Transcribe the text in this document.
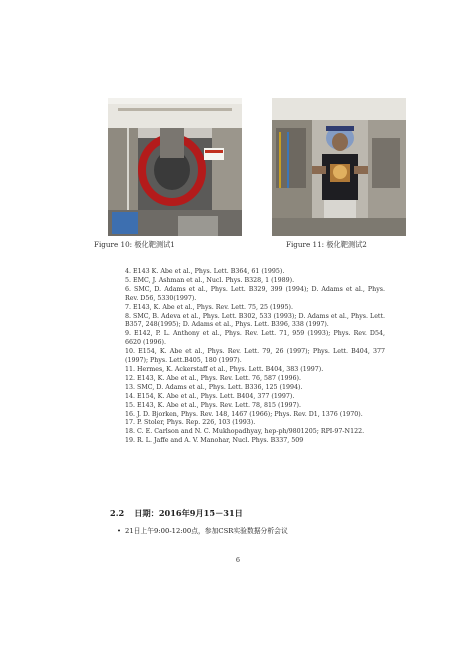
Figure 10: 极化靶测试1	Figure 11: 极化靶测试2

4. E143 K. Abe et al., Phys. Lett. B364, 61 (1995).

5. EMC, J. Ashman et al., Nucl. Phys. B328, 1 (1989).

6. SMC, D. Adams et al., Phys. Lett. B329, 399 (1994); D. Adams et al., Phys. Rev. D56, 5330(1997).

7. E143, K. Abe et al., Phys. Rev. Lett. 75, 25 (1995).

8. SMC, B. Adeva et al., Phys. Lett. B302, 533 (1993); D. Adams et al., Phys. Lett. B357, 248(1995); D. Adams et al., Phys. Lett. B396, 338 (1997).

9. E142, P. L. Anthony et al., Phys. Rev. Lett. 71, 959 (1993); Phys. Rev. D54, 6620 (1996).

10. E154, K. Abe et al., Phys. Rev. Lett. 79, 26 (1997); Phys. Lett. B404, 377 (1997); Phys. Lett.B405, 180 (1997).

11. Hermes, K. Ackerstaff et al., Phys. Lett. B404, 383 (1997).

12. E143, K. Abe et al., Phys. Rev. Lett. 76, 587 (1996).

13. SMC, D. Adams et al., Phys. Lett. B336, 125 (1994).

14. E154, K. Abe et al., Phys. Lett. B404, 377 (1997).

15. E143, K. Abe et al., Phys. Rev. Lett. 78, 815 (1997).

16. J. D. Bjorken, Phys. Rev. 148, 1467 (1966); Phys. Rev. D1, 1376 (1970).

17. P. Stoler, Phys. Rep. 226, 103 (1993).

18. C. E. Carlson and N. C. Mukhopadhyay, hep-ph/9801205; RPI-97-N122.

19. R. L. Jaffe and A. V. Manohar, Nucl. Phys. B337, 509

2.2 日期：2016年9月15－31日
• 21日上午9:00-12:00点，参加CSR实验数据分析会议
6
